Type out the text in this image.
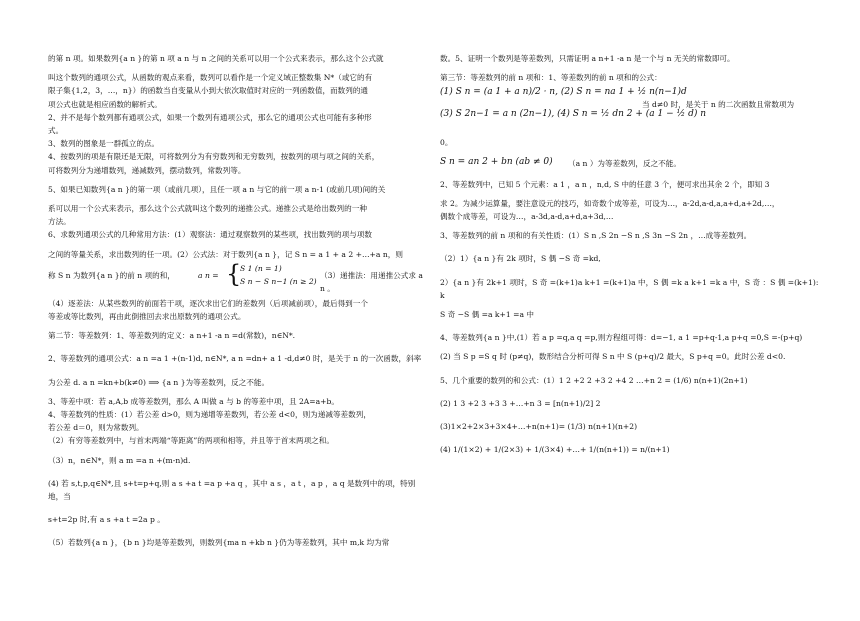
的第 n 项。如果数列{a n }的第 n 项 a n 与 n 之间的关系可以用一个公式来表示，那么这个公式就

叫这个数列的通项公式，从函数的观点来看，数列可以看作是一个定义域正整数集 N*（或它的有

限子集{1,2，3，…，n}）的函数当自变量从小到大依次取值时对应的一列函数值，而数列的通

项公式也就是相应函数的解析式。

2、并不是每个数列都有通项公式，如果一个数列有通项公式，那么它的通项公式也可能有多种形

式。

3、数列的图象是一群孤立的点。

4、按数列的项是有限还是无限，可将数列分为有穷数列和无穷数列，按数列的项与项之间的关系，

可将数列分为递增数列，递减数列，摆动数列，常数列等。

5、如果已知数列{a n }的第一项（或前几项），且任一项 a n 与它的前一项 a n-1 (或前几项)间的关

系可以用一个公式来表示，那么这个公式就叫这个数列的递推公式。递推公式是给出数列的一种

方法。

6、求数列通项公式的几种常用方法：(1）观察法：通过观察数列的某些项，找出数列的项与项数

之间的等量关系，求出数列的任一项。(2）公式法：对于数列{a n }，记 S n = a 1 + a 2 +…+a n，则

称 S n 为数列{a n }的前 n 项的和，	a n = {
S 1 (n = 1)
S n − S n−1 (n ≥ 2)
（3）递推法：用递推公式求 a n 。

（4）逐差法：从某些数列的前面若干项，逐次求出它们的差数列（后项减前项），最后得到一个

等差或等比数列，再由此倒推回去求出原数列的通项公式。

第二节：等差数列：1、等差数列的定义：a n+1 -a n =d(常数)，n∈N*.

2、等差数列的通项公式：a n =a 1 +(n-1)d, n∈N*, a n =dn+ a 1 -d,d≠0 时，是关于 n 的一次函数，斜率

为公差 d. a n =kn+b(k≠0) ⟹ {a n }为等差数列，反之不能。

3、等差中项：若 a,A,b 成等差数列，那么 A 叫做 a 与 b 的等差中项，且 2A=a+b。

4、等差数列的性质：(1）若公差 d>0，则为递增等差数列，若公差 d<0，则为递减等差数列，

若公差 d＝0，则为常数列。

（2）有穷等差数列中，与首末两端“等距离”的两项和相等，并且等于首末两项之和。

（3）n，n∈N*，则 a m =a n +(m-n)d.

(4) 若 s,t,p,q∈N*,且 s+t=p+q,则 a s +a t =a p +a q ，其中 a s ，a t ，a p ，a q 是数列中的项，特别地，当

s+t=2p 时,有 a s +a t =2a p 。

（5）若数列{a n }，{b n }均是等差数列，则数列{ma n +kb n }仍为等差数列，其中 m,k 均为常

数。5、证明一个数列是等差数列，只需证明 a n+1 -a n 是一个与 n 无关的常数即可。

第三节：等差数列的前 n 项和：1、等差数列的前 n 项和的公式：

(1) S n = (a 1 + a n)/2 · n, (2) S n = na 1 + ½ n(n−1)d
(3) S 2n−1 = a n (2n−1), (4) S n = ½ dn 2 + (a 1 − ½ d) n
当 d≠0 时，是关于 n 的二次函数且常数项为

0。

S n = an 2 + bn (ab ≠ 0) （a n ）为等差数列，反之不能。

2、等差数列中，已知 5 个元素：a 1 ，a n ，n,d, S 中的任意 3 个，便可求出其余 2 个，即知 3

求 2。为减少运算量，要注意设元的技巧，如奇数个成等差，可设为…，a-2d,a-d,a,a+d,a+2d,…，

偶数个成等差，可设为…，a-3d,a-d,a+d,a+3d,…

3、等差数列的前 n 项和的有关性质：(1）S n ,S 2n −S n ,S 3n −S 2n ，…成等差数列。

（2）1）{a n }有 2k 项时，S 偶 −S 奇 =kd,

2）{a n }有 2k+1 项时，S 奇 =(k+1)a k+1 =(k+1)a 中，S 偶 =k a k+1 =k a 中，S 奇 ：S 偶 =(k+1):

k

S 奇 −S 偶 =a k+1 =a 中

4、等差数列{a n }中,(1）若 a p =q,a q =p,则方程组可得：d=−1, a 1 =p+q-1,a p+q =0,S =-(p+q)

(2) 当 S p =S q 时 (p≠q)，数形结合分析可得 S n 中 S (p+q)/2 最大，S p+q =0。此时公差 d<0.

5、几个重要的数列的和公式：(1）1 2 +2 2 +3 2 +4 2 …+n 2 = (1/6) n(n+1)(2n+1)

(2) 1 3 +2 3 +3 3 +…+n 3 = [n(n+1)/2] 2

(3)1×2+2×3+3×4+…+n(n+1)= (1/3) n(n+1)(n+2)

(4) 1/(1×2) + 1/(2×3) + 1/(3×4) +…+ 1/(n(n+1)) = n/(n+1)
